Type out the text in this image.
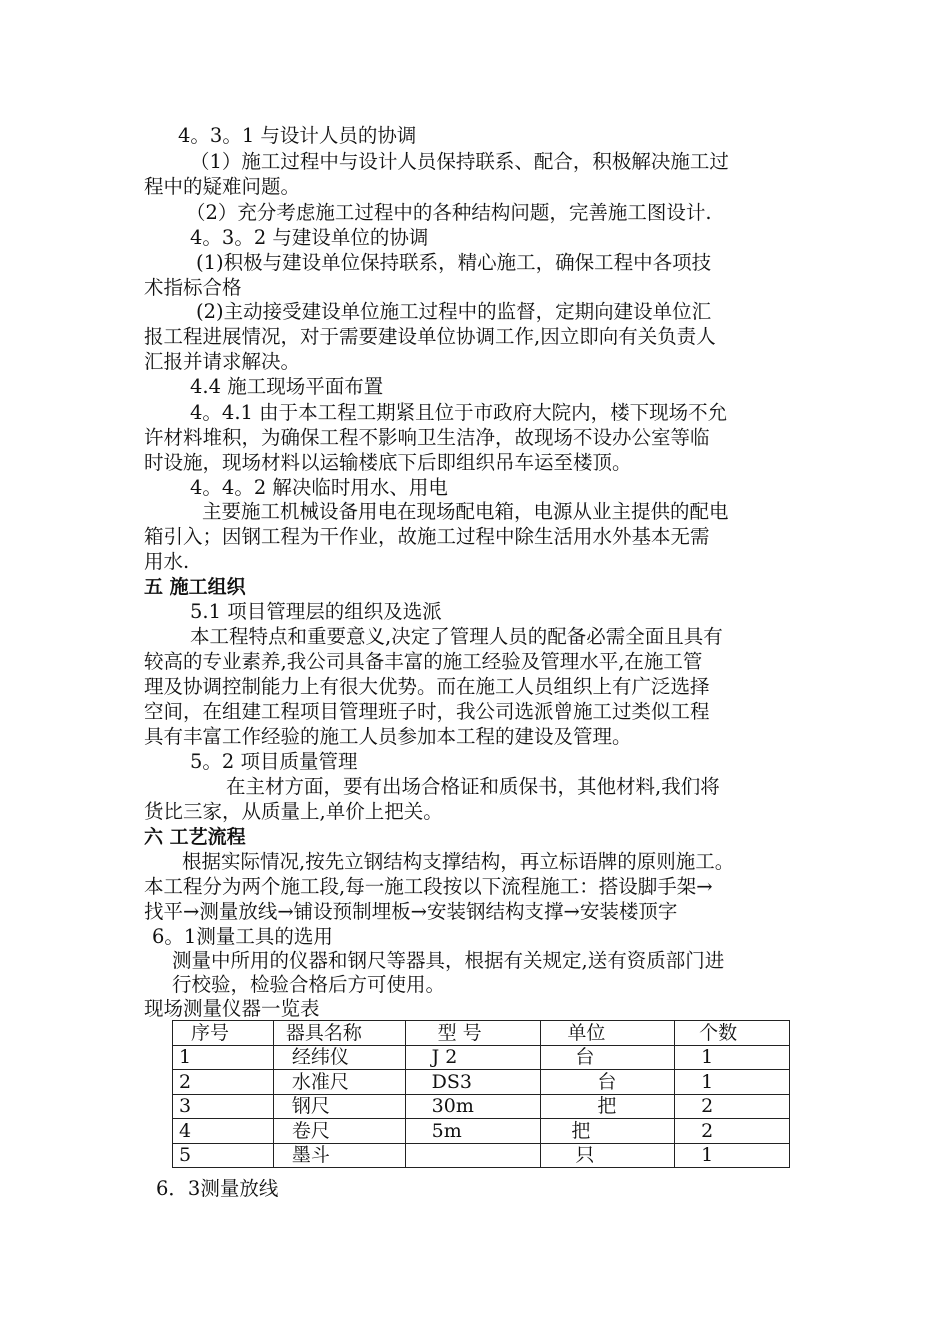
4。3。1 与设计人员的协调
（1）施工过程中与设计人员保持联系、配合，积极解决施工过
程中的疑难问题。
（2）充分考虑施工过程中的各种结构问题，完善施工图设计.
4。3。2 与建设单位的协调
(1)积极与建设单位保持联系，精心施工，确保工程中各项技
术指标合格
(2)主动接受建设单位施工过程中的监督，定期向建设单位汇
报工程进展情况，对于需要建设单位协调工作,因立即向有关负责人
汇报并请求解决。
4.4 施工现场平面布置
4。4.1 由于本工程工期紧且位于市政府大院内，楼下现场不允
许材料堆积，为确保工程不影响卫生洁净，故现场不设办公室等临
时设施，现场材料以运输楼底下后即组织吊车运至楼顶。
4。4。2 解决临时用水、用电
主要施工机械设备用电在现场配电箱，电源从业主提供的配电
箱引入；因钢工程为干作业，故施工过程中除生活用水外基本无需
用水.
五 施工组织
5.1 项目管理层的组织及选派
本工程特点和重要意义,决定了管理人员的配备必需全面且具有
较高的专业素养,我公司具备丰富的施工经验及管理水平,在施工管
理及协调控制能力上有很大优势。而在施工人员组织上有广泛选择
空间，在组建工程项目管理班子时，我公司选派曾施工过类似工程
具有丰富工作经验的施工人员参加本工程的建设及管理。
5。2 项目质量管理
在主材方面，要有出场合格证和质保书，其他材料,我们将
货比三家，从质量上,单价上把关。
六 工艺流程
根据实际情况,按先立钢结构支撑结构，再立标语牌的原则施工。
本工程分为两个施工段,每一施工段按以下流程施工：搭设脚手架→
找平→测量放线→铺设预制埋板→安装钢结构支撑→安装楼顶字
6。1测量工具的选用
测量中所用的仪器和钢尺等器具，根据有关规定,送有资质部门进
行校验，检验合格后方可使用。
现场测量仪器一览表
序号	器具名称	型 号	单位	个数
1	经纬仪	J 2	台	1
2	水准尺	DS3	台	1
3	钢尺	30m	把	2
4	卷尺	5m	把	2
5	墨斗		只	1
6．3测量放线
